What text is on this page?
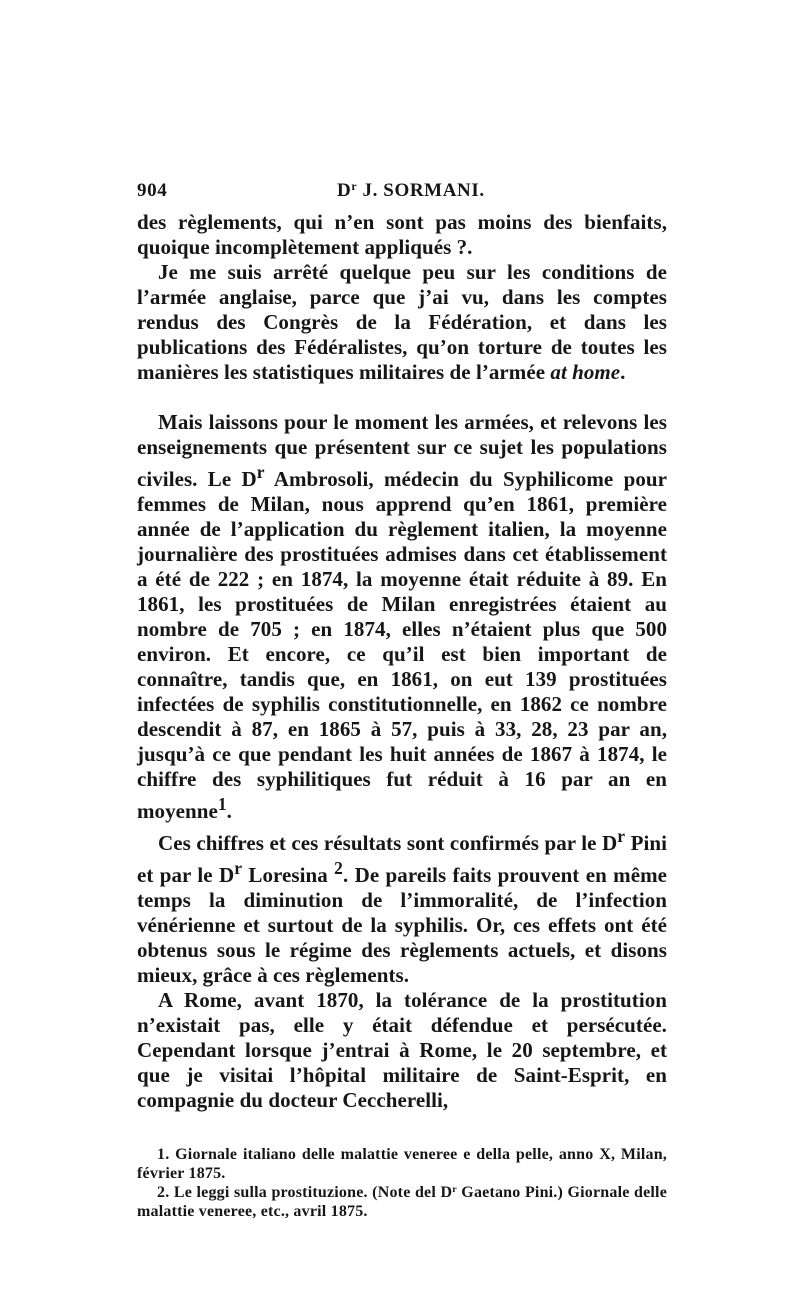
904	$D^r$ J. SORMANI.

des règlements, qui n’en sont pas moins des bienfaits, quoique incomplètement appliqués ?.

Je me suis arrêté quelque peu sur les conditions de l’armée anglaise, parce que j’ai vu, dans les comptes rendus des Congrès de la Fédération, et dans les publications des Fédéralistes, qu’on torture de toutes les manières les statistiques militaires de l’armée at home.

Mais laissons pour le moment les armées, et relevons les enseignements que présentent sur ce sujet les populations civiles. Le $D^r$ Ambrosoli, médecin du Syphilicome pour femmes de Milan, nous apprend qu’en 1861, première année de l’application du règlement italien, la moyenne journalière des prostituées admises dans cet établissement a été de 222 ; en 1874, la moyenne était réduite à 89. En 1861, les prostituées de Milan enregistrées étaient au nombre de 705 ; en 1874, elles n’étaient plus que 500 environ. Et encore, ce qu’il est bien important de connaître, tandis que, en 1861, on eut 139 prostituées infectées de syphilis constitutionnelle, en 1862 ce nombre descendit à 87, en 1865 à 57, puis à 33, 28, 23 par an, jusqu’à ce que pendant les huit années de 1867 à 1874, le chiffre des syphilitiques fut réduit à 16 par an en moyenne$^1$.

Ces chiffres et ces résultats sont confirmés par le $D^r$ Pini et par le $D^r$ Loresina $^2$. De pareils faits prouvent en même temps la diminution de l’immoralité, de l’infection vénérienne et surtout de la syphilis. Or, ces effets ont été obtenus sous le régime des règlements actuels, et disons mieux, grâce à ces règlements.

A Rome, avant 1870, la tolérance de la prostitution n’existait pas, elle y était défendue et persécutée. Cependant lorsque j’entrai à Rome, le 20 septembre, et que je visitai l’hôpital militaire de Saint-Esprit, en compagnie du docteur Ceccherelli,

1. Giornale italiano delle malattie veneree e della pelle, anno X, Milan, février 1875.

2. Le leggi sulla prostituzione. (Note del $D^r$ Gaetano Pini.) Giornale delle malattie veneree, etc., avril 1875.
